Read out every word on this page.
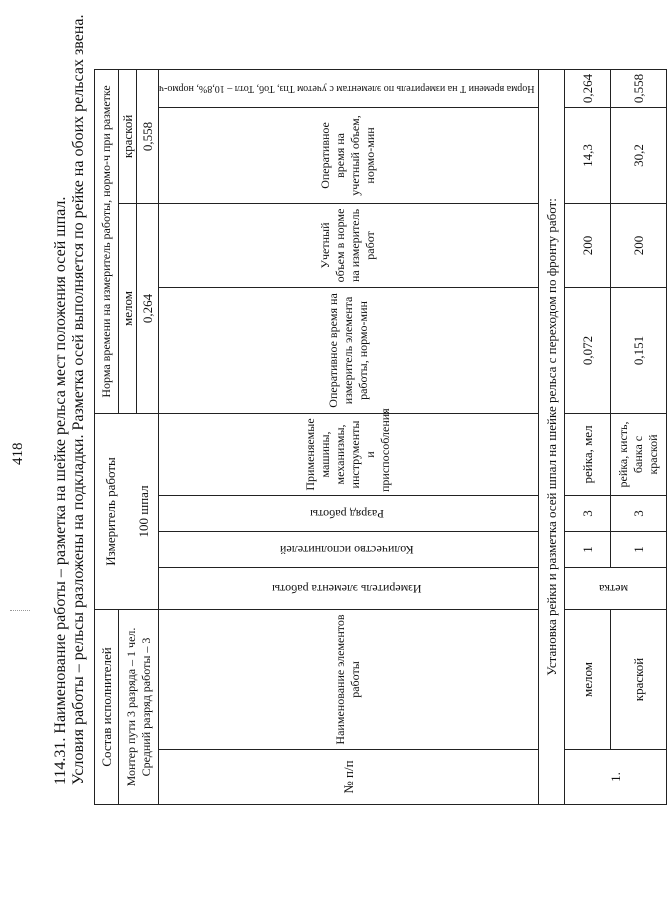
418 114.31. Наименование работы – разметка на шейке рельса мест положения осей шпал. Условия работы – рельсы разложены на подкладки. Разметка осей выполняется по рейке на обоих рельсах звена. Состав исполнителей		Измеритель работы 100 шпал				Норма времени на измеритель работы, нормо-ч при разметке			
Монтер пути 3 разряда – 1 чел. Средний разряд работы – 3						мелом		краской	
						0,264		0,558	
№ п/п	Наименование элементов работы	Измеритель элемента работы	Количество исполнителей	Разряд работы	Применяемые машины, механизмы, инструменты и приспособления	Оперативное время на измеритель элемента работы, нормо-мин	Учетный объем в норме на измеритель работ	Оперативное время на учетный объем, нормо-мин	Норма времени Т на измеритель по элементам с учетом Тпз, Тоб, Тотл – 10,8%, нормо-ч
Установка рейки и разметка осей шпал на шейке рельса с переходом по фронту работ:									
1.	мелом	метка	1	3	рейка, мел	0,072	200	14,3	0,264
	краской		1	3	рейка, кисть, банка с краской	0,151	200	30,2	0,558
